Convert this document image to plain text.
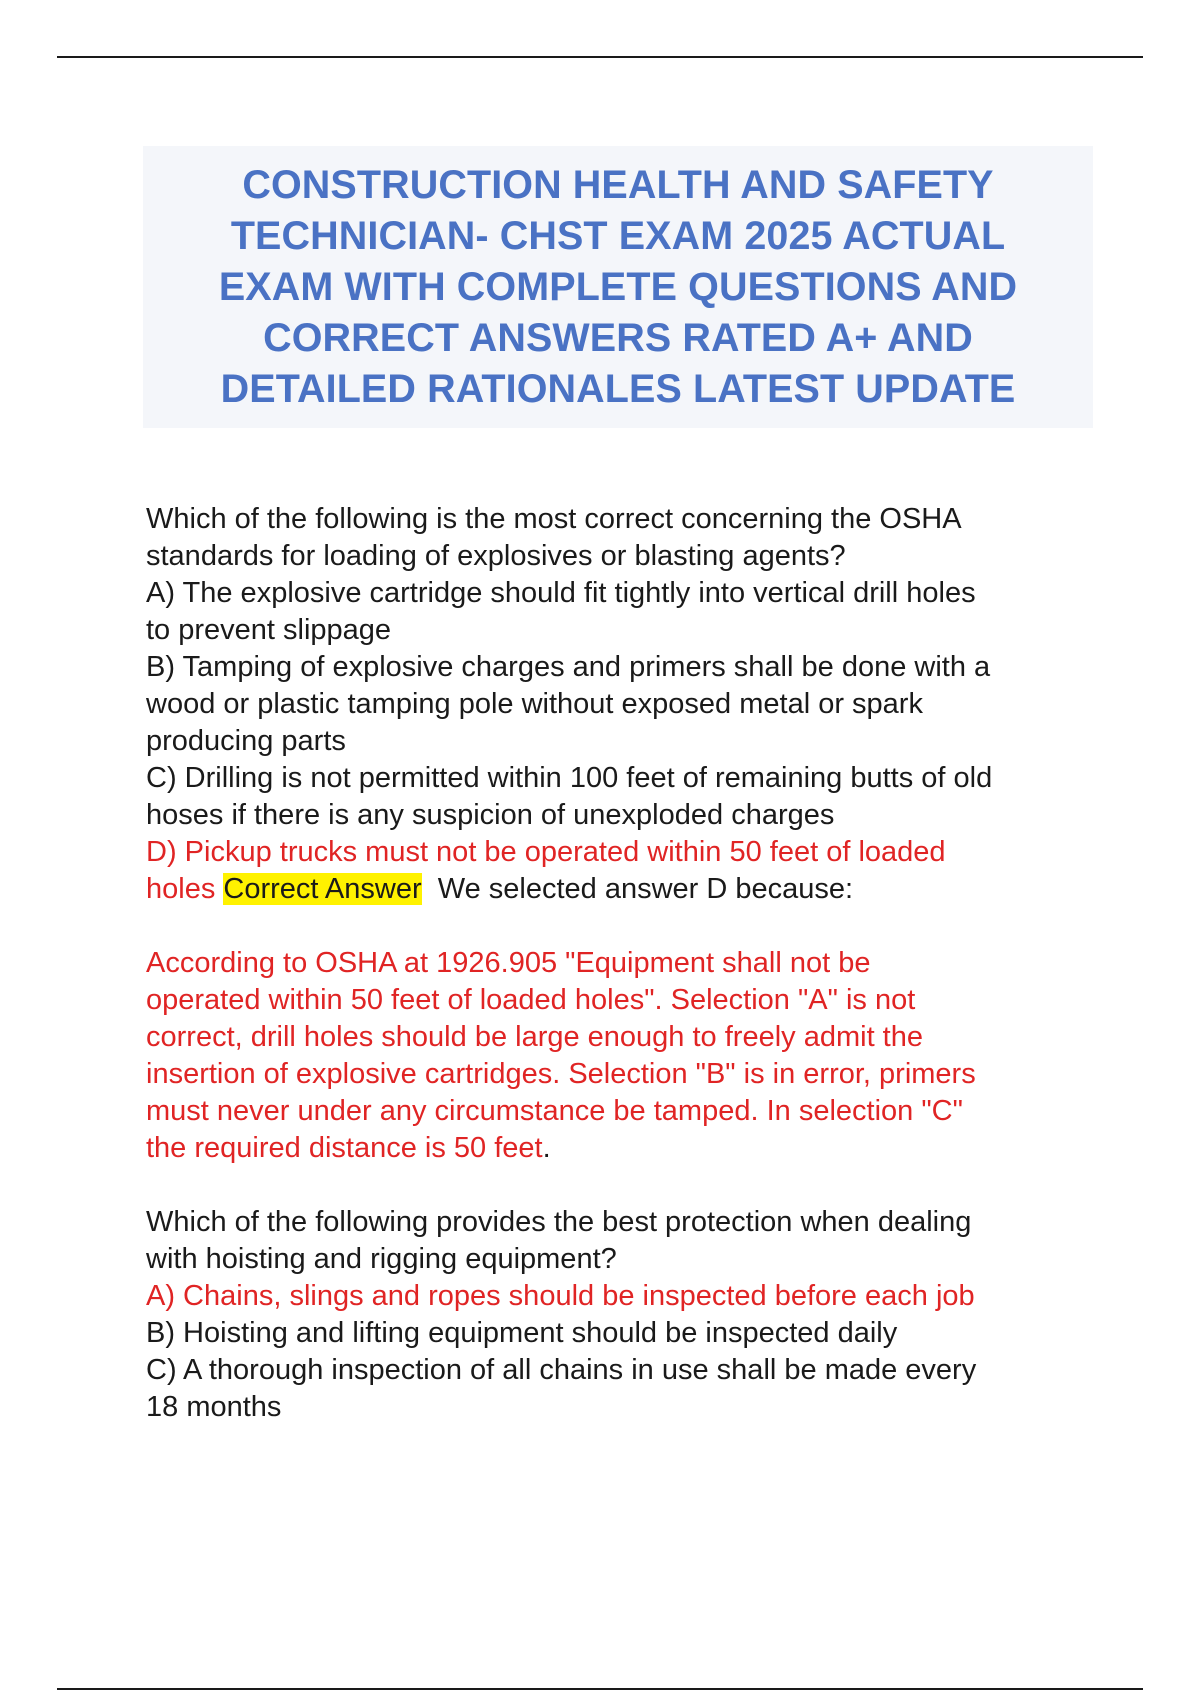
CONSTRUCTION HEALTH AND SAFETY
TECHNICIAN- CHST EXAM 2025 ACTUAL
EXAM WITH COMPLETE QUESTIONS AND
CORRECT ANSWERS RATED A+ AND
DETAILED RATIONALES LATEST UPDATE
Which of the following is the most correct concerning the OSHA
standards for loading of explosives or blasting agents?
A) The explosive cartridge should fit tightly into vertical drill holes
to prevent slippage
B) Tamping of explosive charges and primers shall be done with a
wood or plastic tamping pole without exposed metal or spark
producing parts
C) Drilling is not permitted within 100 feet of remaining butts of old
hoses if there is any suspicion of unexploded charges
D) Pickup trucks must not be operated within 50 feet of loaded
holes Correct Answer We selected answer D because:
According to OSHA at 1926.905 "Equipment shall not be
operated within 50 feet of loaded holes". Selection "A" is not
correct, drill holes should be large enough to freely admit the
insertion of explosive cartridges. Selection "B" is in error, primers
must never under any circumstance be tamped. In selection "C"
the required distance is 50 feet.
Which of the following provides the best protection when dealing
with hoisting and rigging equipment?
A) Chains, slings and ropes should be inspected before each job
B) Hoisting and lifting equipment should be inspected daily
C) A thorough inspection of all chains in use shall be made every
18 months
